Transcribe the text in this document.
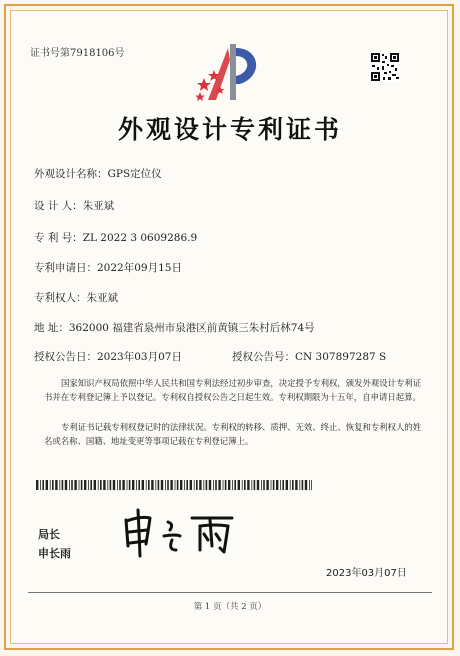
证书号第7918106号
外观设计专利证书
外观设计名称：GPS定位仪
设 计 人：朱亚斌
专 利 号：ZL 2022 3 0609286.9
专利申请日：2022年09月15日
专利权人：朱亚斌
地 址：362000 福建省泉州市泉港区前黄镇三朱村后林74号
授权公告日：2023年03月07日	授权公告号：CN 307897287 S
国家知识产权局依照中华人民共和国专利法经过初步审查，决定授予专利权，颁发外观设计专利证书并在专利登记簿上予以登记。专利权自授权公告之日起生效。专利权期限为十五年，自申请日起算。
专利证书记载专利权登记时的法律状况。专利权的转移、质押、无效、终止、恢复和专利权人的姓名或名称、国籍、地址变更等事项记载在专利登记簿上。
局长
申长雨
2023年03月07日
第 1 页（共 2 页）
